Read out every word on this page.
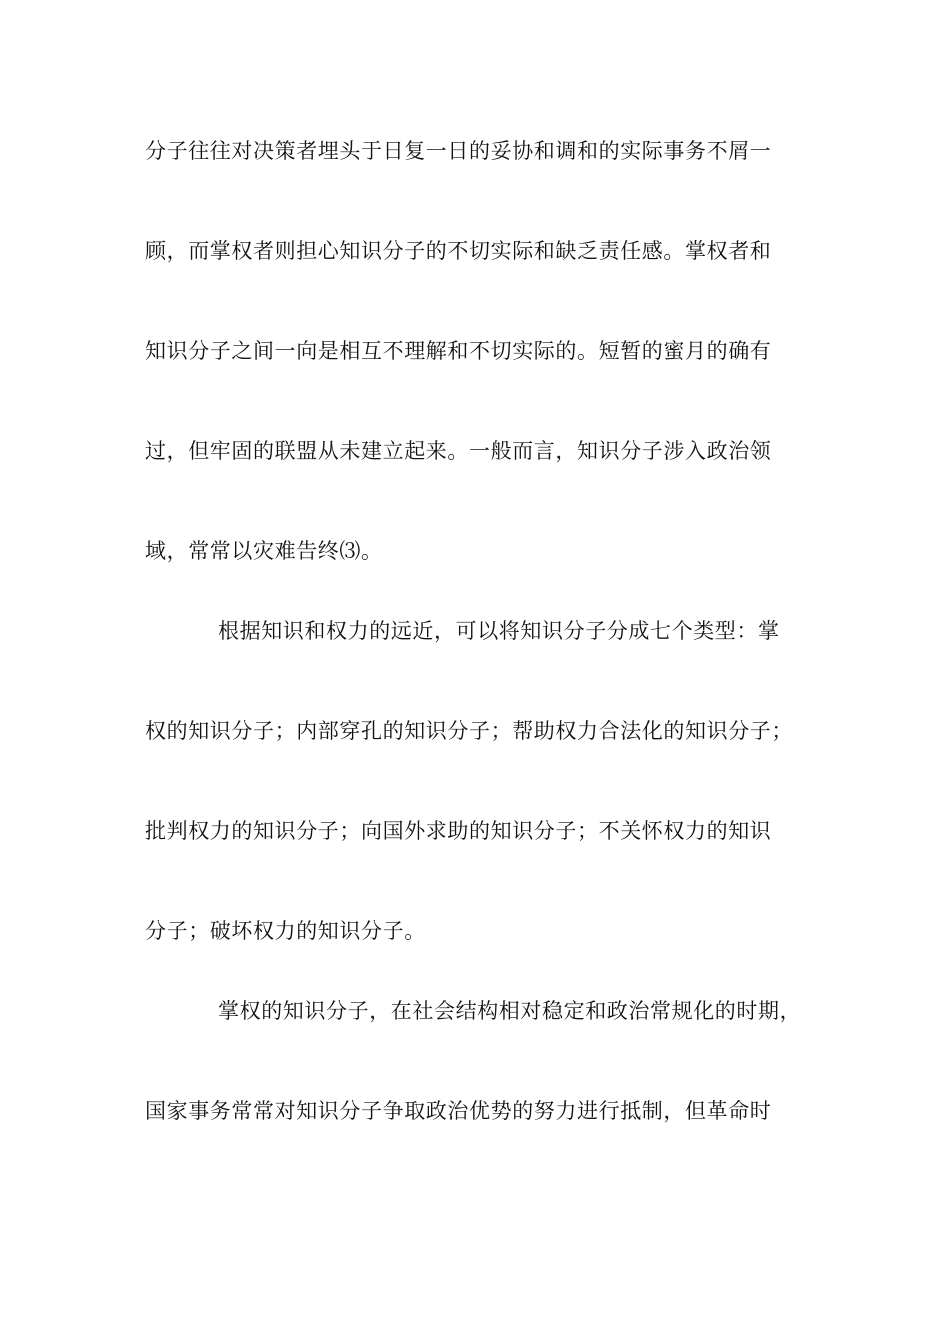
分子往往对决策者埋头于日复一日的妥协和调和的实际事务不屑一
顾，而掌权者则担心知识分子的不切实际和缺乏责任感。掌权者和
知识分子之间一向是相互不理解和不切实际的。短暂的蜜月的确有
过，但牢固的联盟从未建立起来。一般而言，知识分子涉入政治领
域，常常以灾难告终⑶。
根据知识和权力的远近，可以将知识分子分成七个类型：掌
权的知识分子；内部穿孔的知识分子；帮助权力合法化的知识分子；
批判权力的知识分子；向国外求助的知识分子；不关怀权力的知识
分子；破坏权力的知识分子。
掌权的知识分子，在社会结构相对稳定和政治常规化的时期，
国家事务常常对知识分子争取政治优势的努力进行抵制，但革命时
